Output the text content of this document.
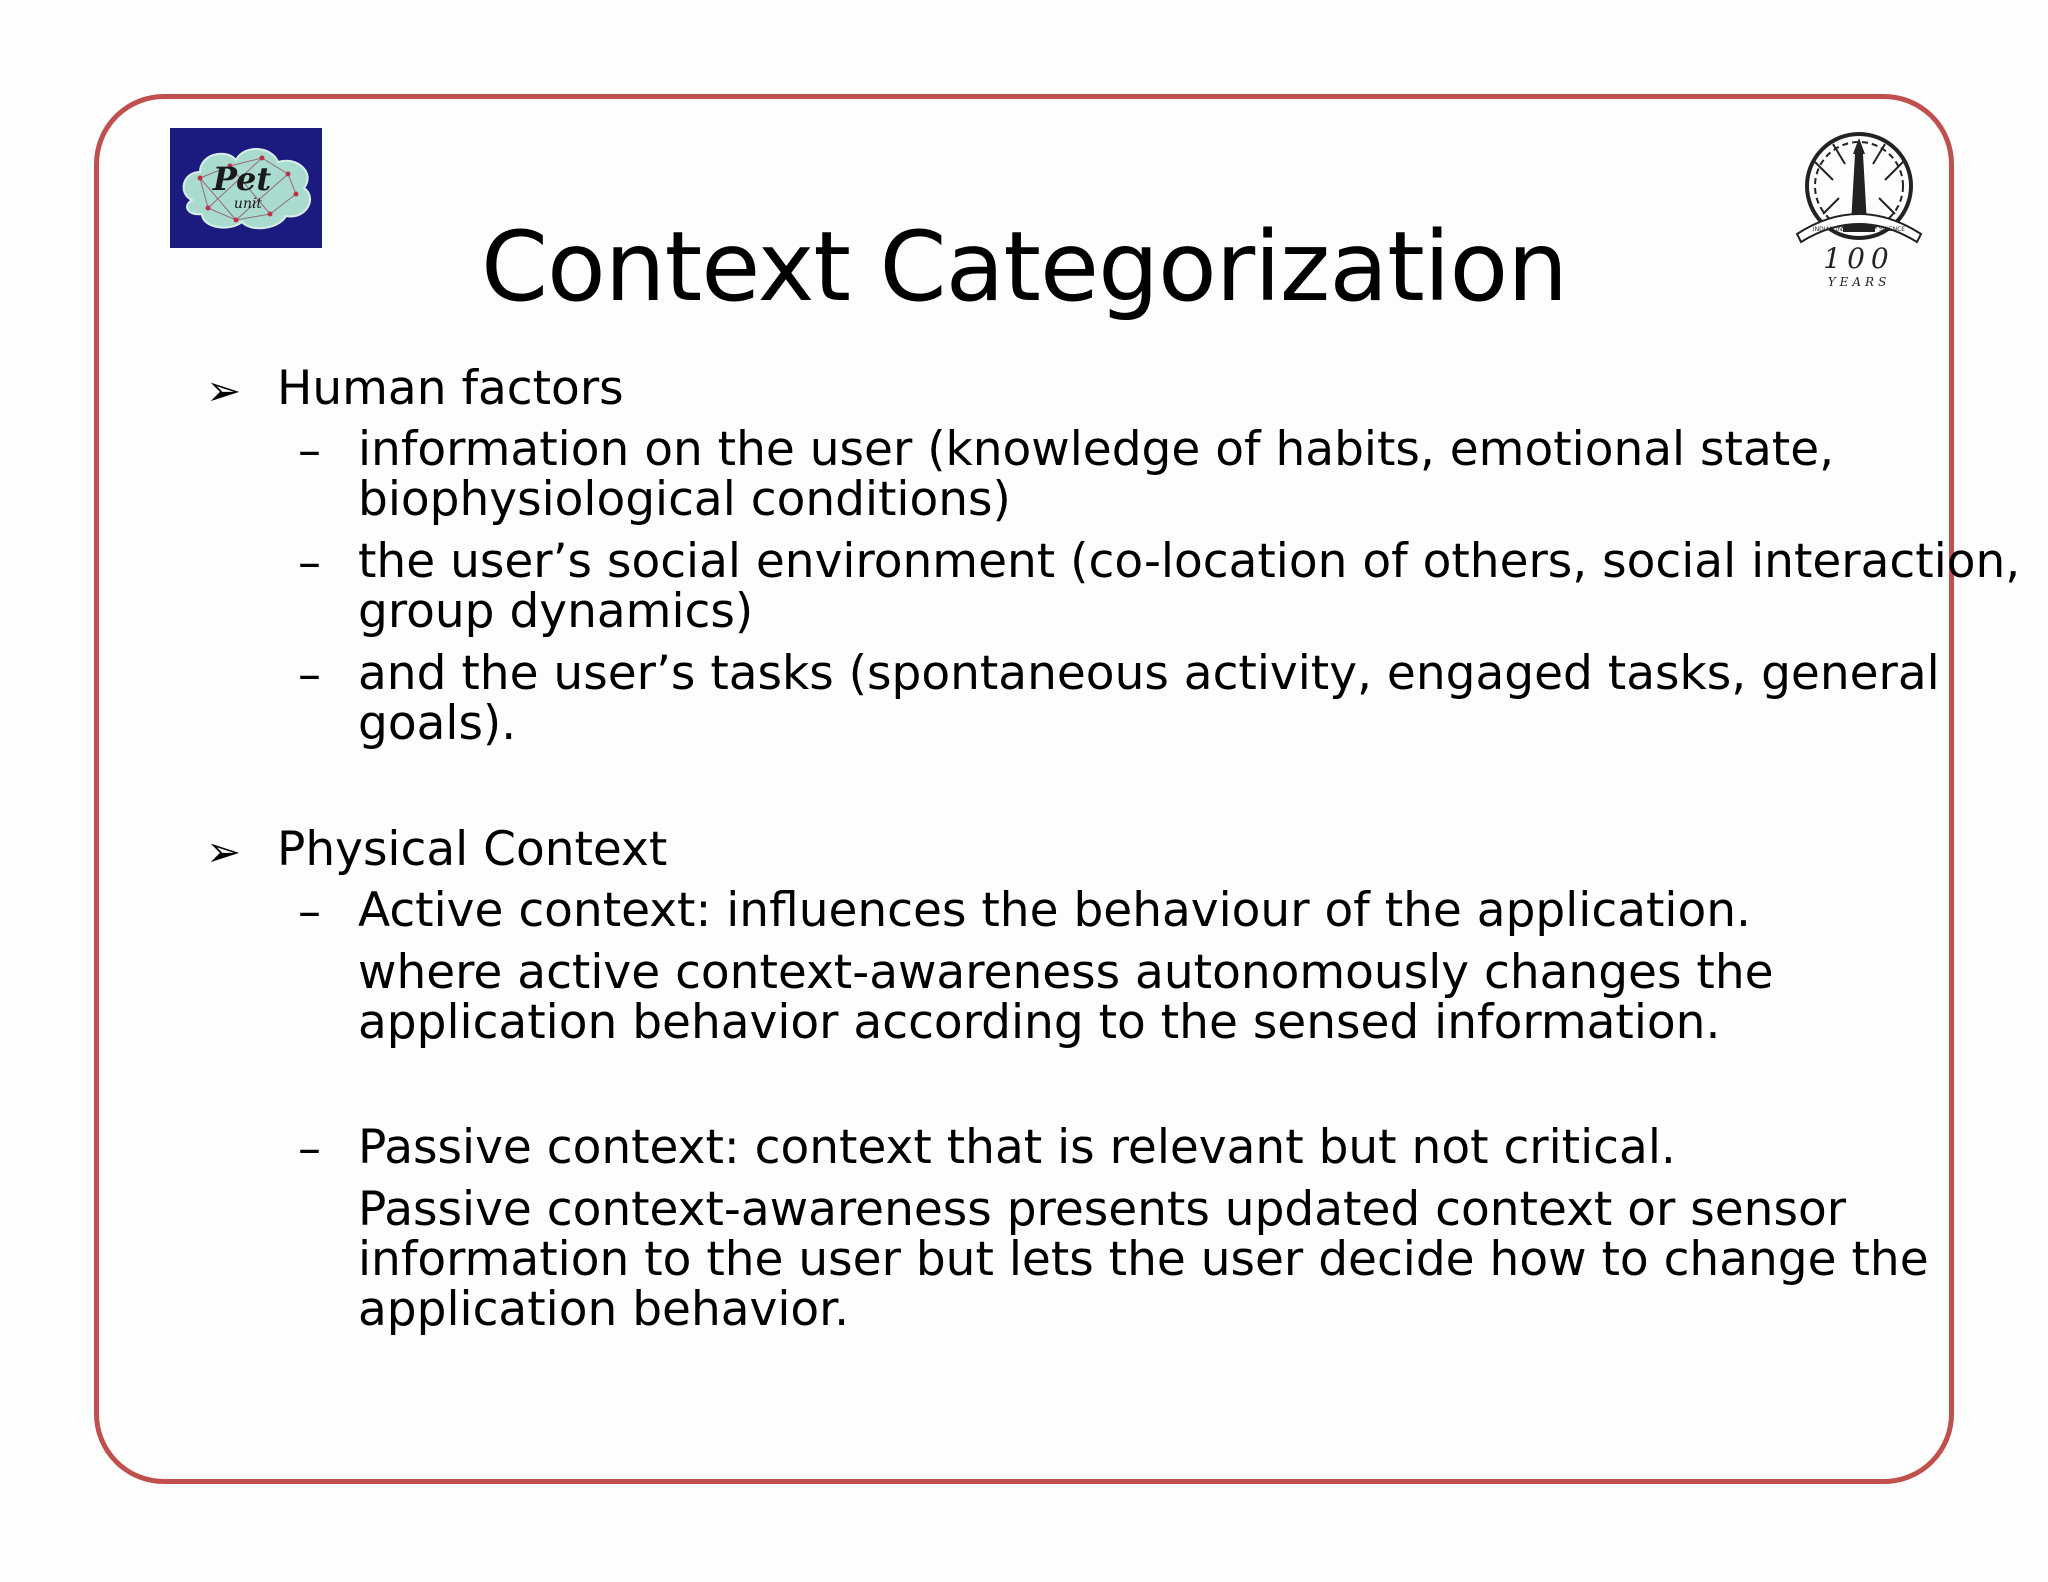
Pet
unit
INDIAN INSTITUTE OF SCIENCE
100
YEARS
Context Categorization
➢ Human factors
– information on the user (knowledge of habits, emotional state,
biophysiological conditions)
– the user’s social environment (co-location of others, social interaction,
group dynamics)
– and the user’s tasks (spontaneous activity, engaged tasks, general
goals).
➢ Physical Context
– Active context: influences the behaviour of the application.
where active context-awareness autonomously changes the
application behavior according to the sensed information.
– Passive context: context that is relevant but not critical.
Passive context-awareness presents updated context or sensor
information to the user but lets the user decide how to change the
application behavior.
